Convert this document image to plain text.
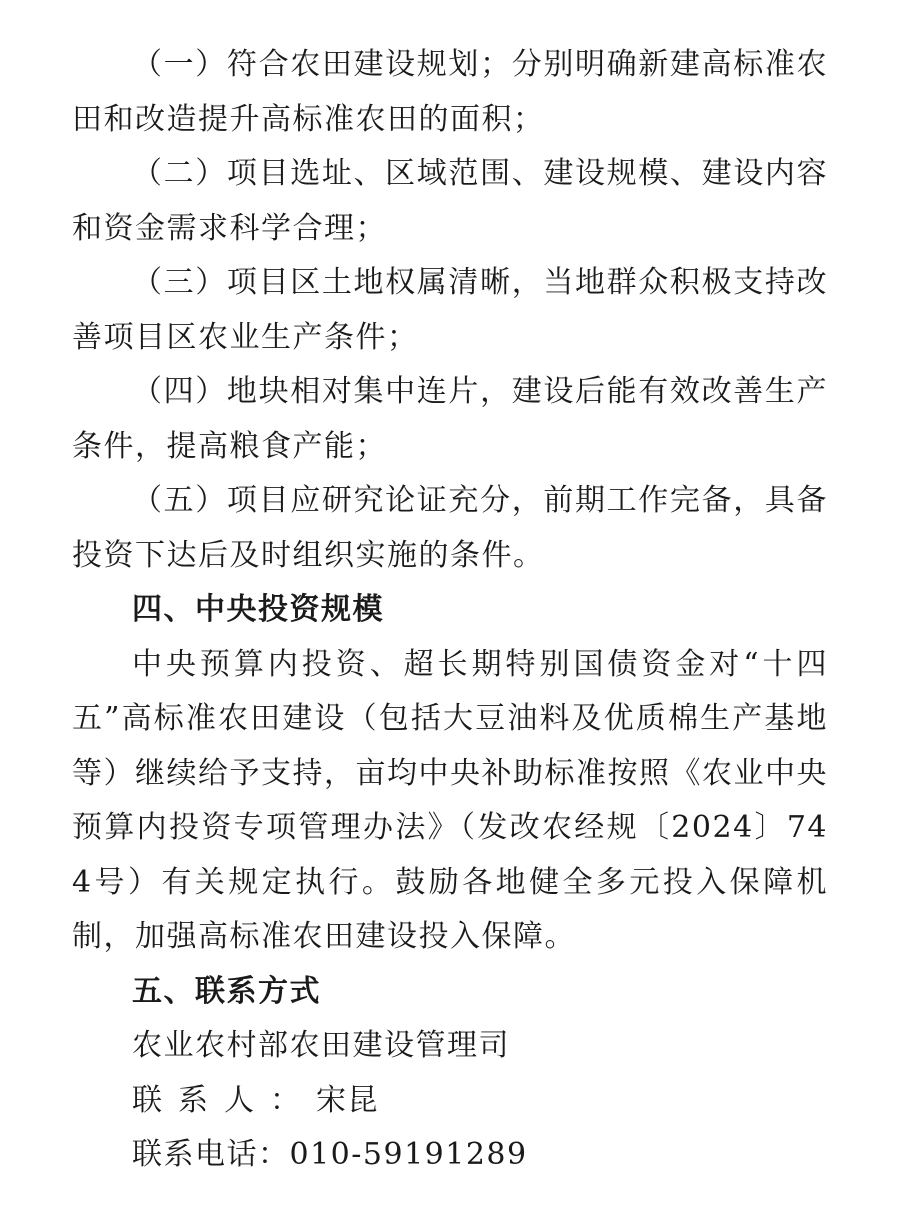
（一）符合农田建设规划；分别明确新建高标准农田和改造提升高标准农田的面积；

（二）项目选址、区域范围、建设规模、建设内容和资金需求科学合理；

（三）项目区土地权属清晰，当地群众积极支持改善项目区农业生产条件；

（四）地块相对集中连片，建设后能有效改善生产条件，提高粮食产能；

（五）项目应研究论证充分，前期工作完备，具备投资下达后及时组织实施的条件。

四、中央投资规模

中央预算内投资、超长期特别国债资金对“十四五”高标准农田建设（包括大豆油料及优质棉生产基地等）继续给予支持，亩均中央补助标准按照《农业中央预算内投资专项管理办法》（发改农经规〔2024〕744号）有关规定执行。鼓励各地健全多元投入保障机制，加强高标准农田建设投入保障。

五、联系方式

农业农村部农田建设管理司

联系人：宋昆

联系电话：010-59191289
